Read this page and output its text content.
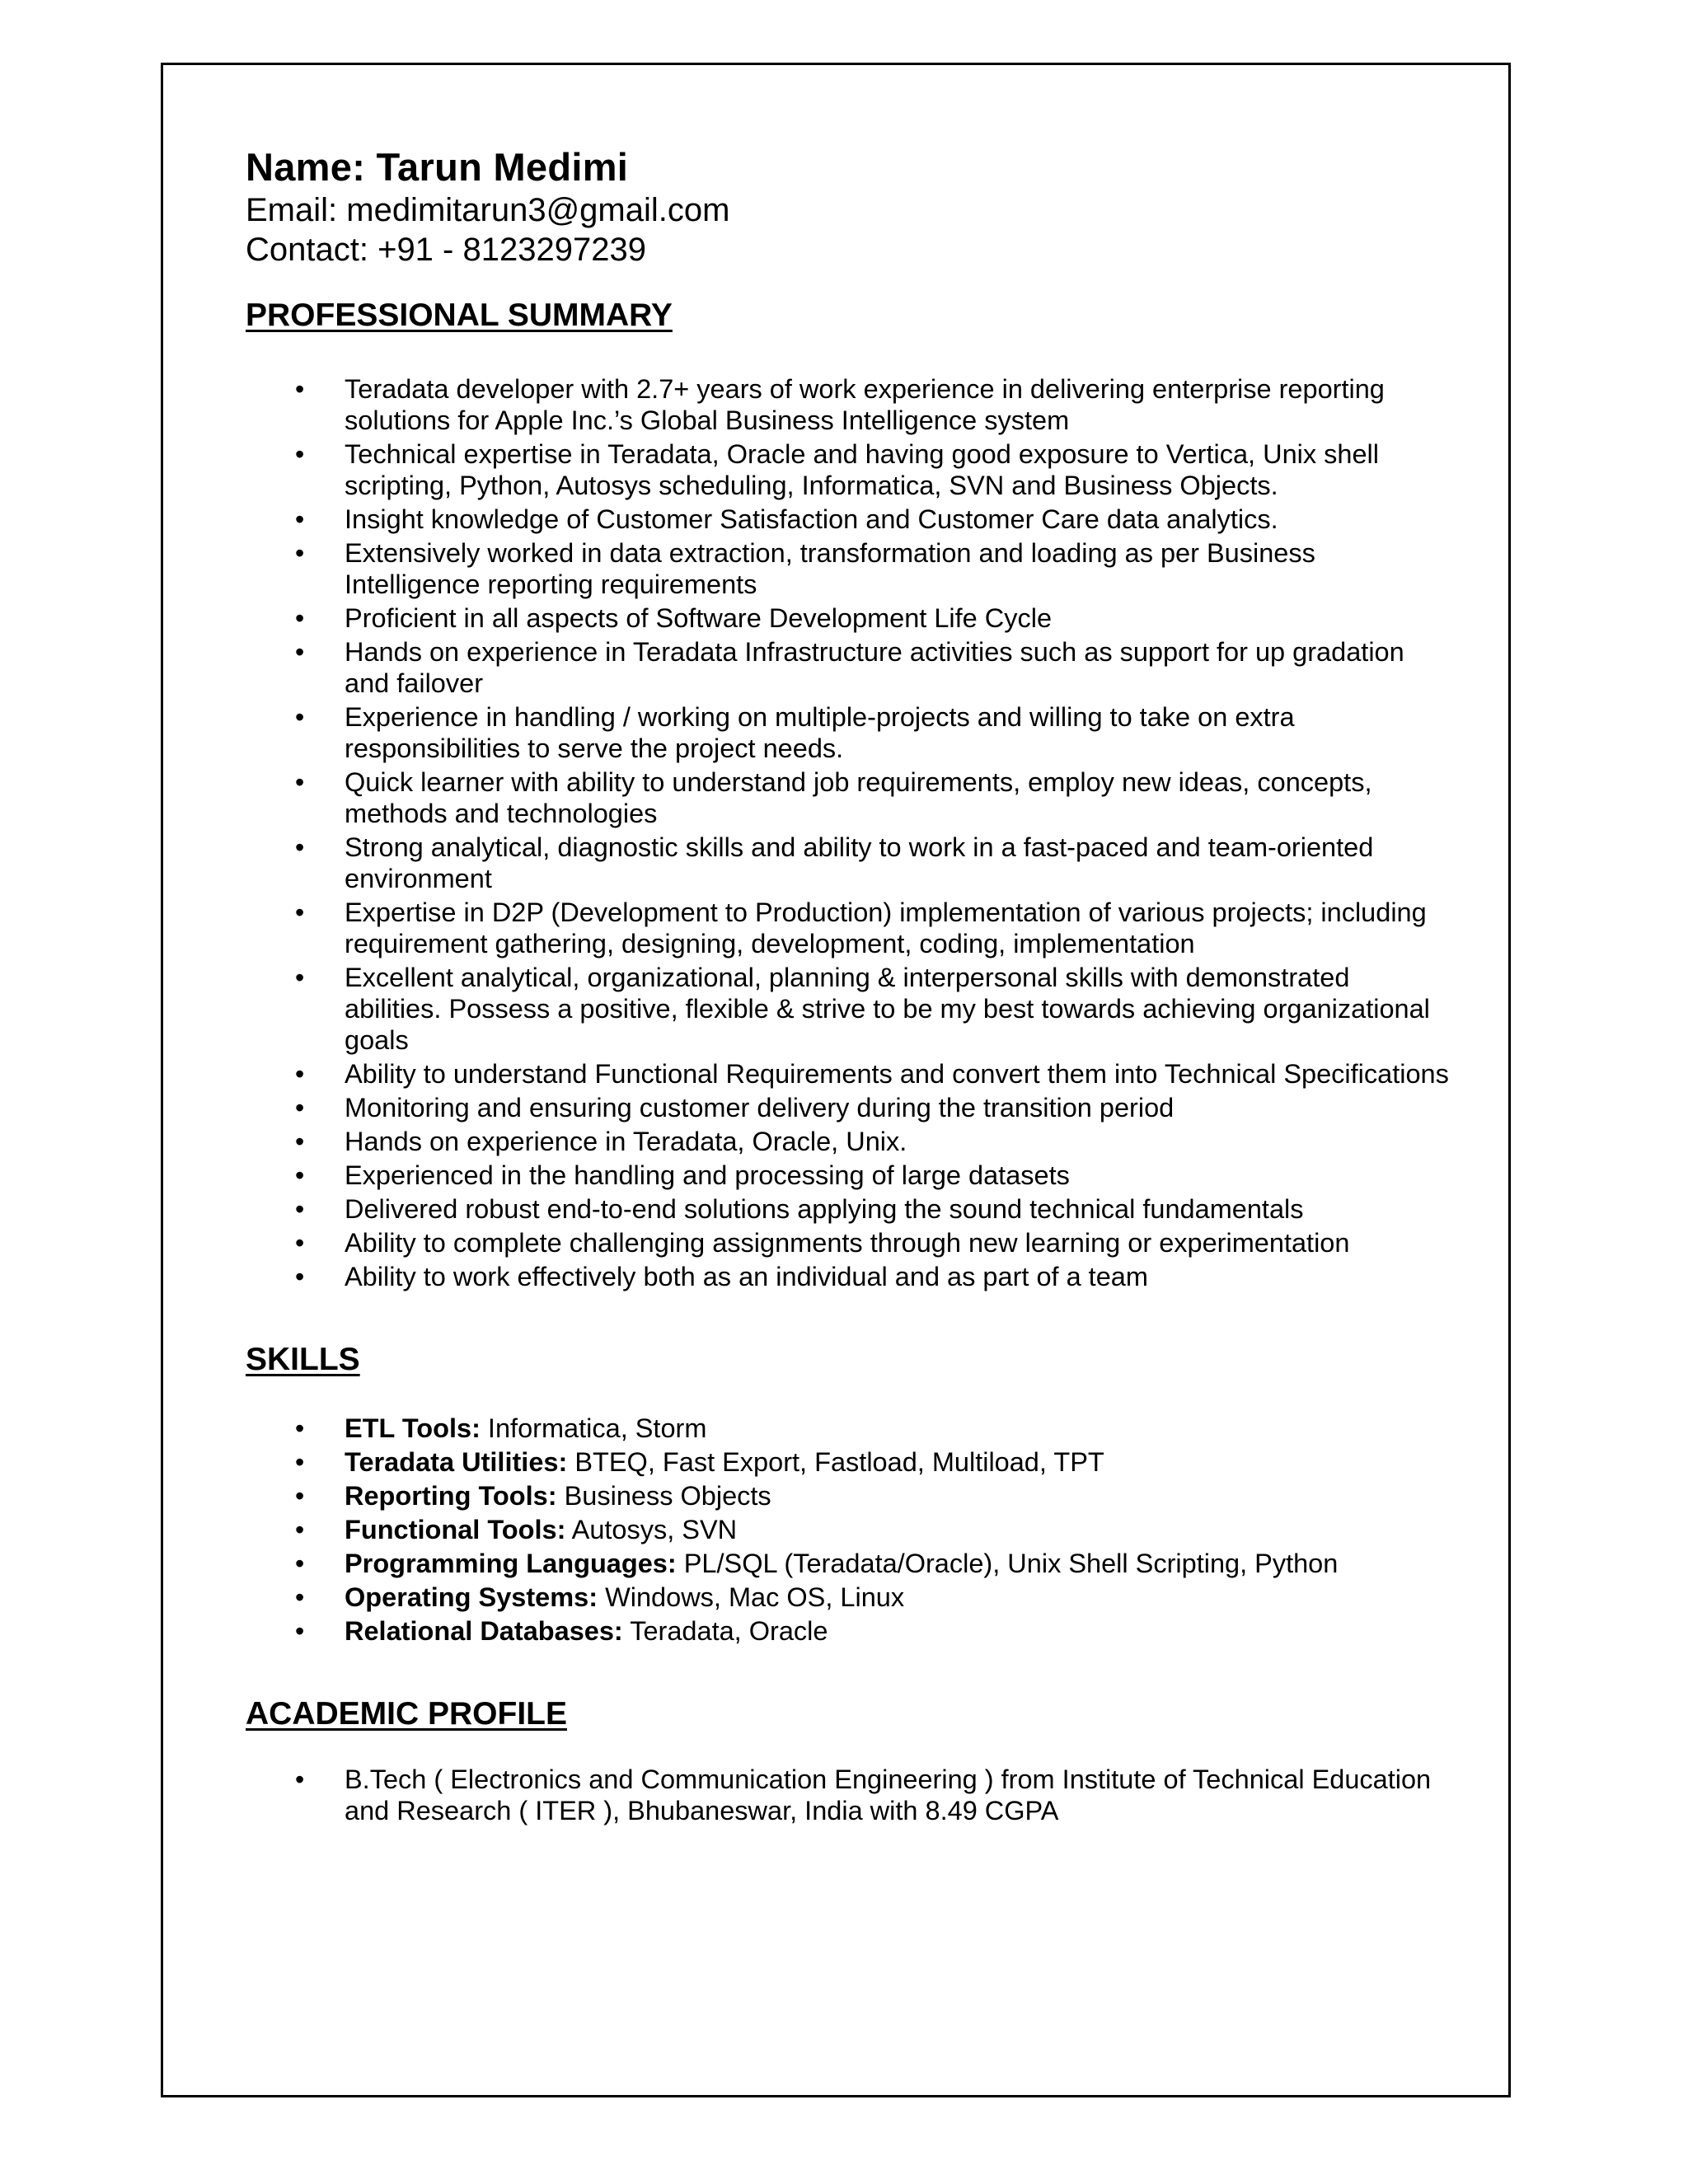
Name: Tarun Medimi

Email: medimitarun3@gmail.com

Contact: +91 - 8123297239

PROFESSIONAL SUMMARY
• Teradata developer with 2.7+ years of work experience in delivering enterprise reporting solutions for Apple Inc.’s Global Business Intelligence system
• Technical expertise in Teradata, Oracle and having good exposure to Vertica, Unix shell scripting, Python, Autosys scheduling, Informatica, SVN and Business Objects.
• Insight knowledge of Customer Satisfaction and Customer Care data analytics.
• Extensively worked in data extraction, transformation and loading as per Business Intelligence reporting requirements
• Proficient in all aspects of Software Development Life Cycle
• Hands on experience in Teradata Infrastructure activities such as support for up gradation and failover
• Experience in handling / working on multiple-projects and willing to take on extra responsibilities to serve the project needs.
• Quick learner with ability to understand job requirements, employ new ideas, concepts, methods and technologies
• Strong analytical, diagnostic skills and ability to work in a fast-paced and team-oriented environment
• Expertise in D2P (Development to Production) implementation of various projects; including requirement gathering, designing, development, coding, implementation
• Excellent analytical, organizational, planning & interpersonal skills with demonstrated abilities. Possess a positive, flexible & strive to be my best towards achieving organizational goals
• Ability to understand Functional Requirements and convert them into Technical Specifications
• Monitoring and ensuring customer delivery during the transition period
• Hands on experience in Teradata, Oracle, Unix.
• Experienced in the handling and processing of large datasets
• Delivered robust end-to-end solutions applying the sound technical fundamentals
• Ability to complete challenging assignments through new learning or experimentation
• Ability to work effectively both as an individual and as part of a team
SKILLS
• ETL Tools: Informatica, Storm
• Teradata Utilities: BTEQ, Fast Export, Fastload, Multiload, TPT
• Reporting Tools: Business Objects
• Functional Tools: Autosys, SVN
• Programming Languages: PL/SQL (Teradata/Oracle), Unix Shell Scripting, Python
• Operating Systems: Windows, Mac OS, Linux
• Relational Databases: Teradata, Oracle
ACADEMIC PROFILE
• B.Tech ( Electronics and Communication Engineering ) from Institute of Technical Education and Research ( ITER ), Bhubaneswar, India with 8.49 CGPA
